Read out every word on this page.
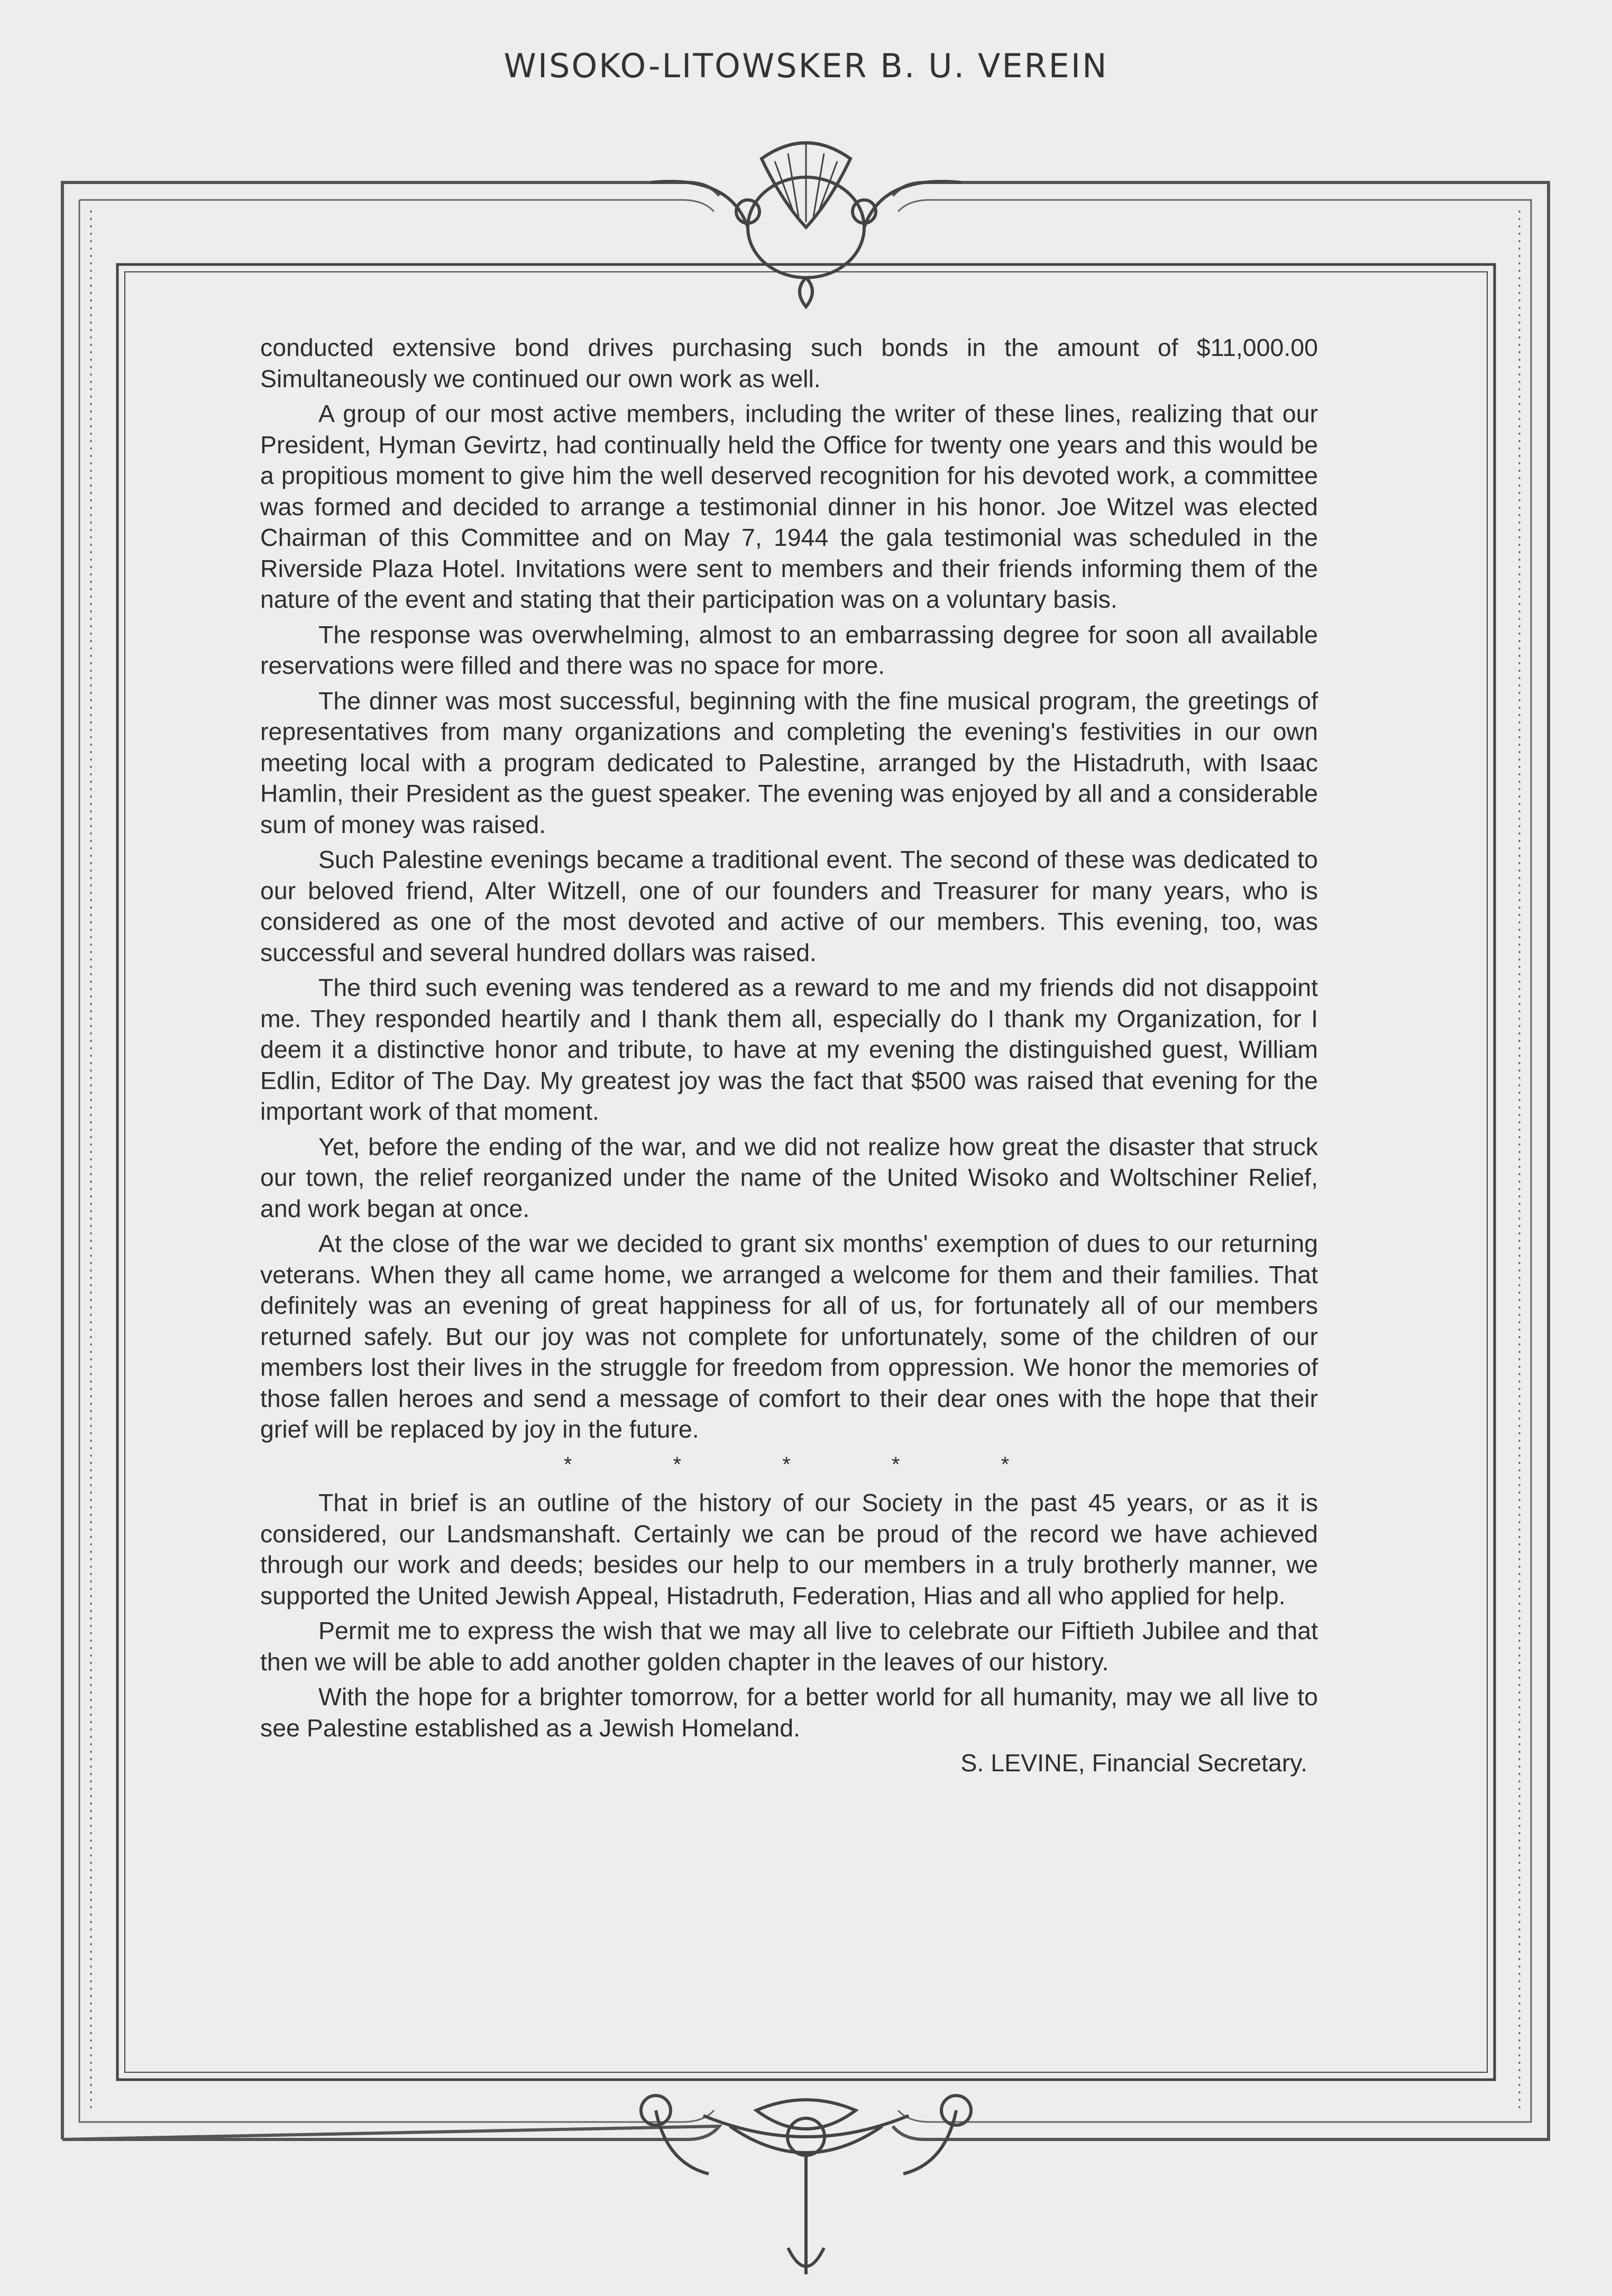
WISOKO-LITOWSKER B. U. VEREIN

conducted extensive bond drives purchasing such bonds in the amount of $11,000.00 Simultaneously we continued our own work as well.

A group of our most active members, including the writer of these lines, realizing that our President, Hyman Gevirtz, had continually held the Office for twenty one years and this would be a propitious moment to give him the well deserved recognition for his devoted work, a committee was formed and decided to arrange a testimonial dinner in his honor. Joe Witzel was elected Chairman of this Committee and on May 7, 1944 the gala testimonial was scheduled in the Riverside Plaza Hotel. Invitations were sent to members and their friends informing them of the nature of the event and stating that their participation was on a voluntary basis.

The response was overwhelming, almost to an embarrassing degree for soon all available reservations were filled and there was no space for more.

The dinner was most successful, beginning with the fine musical program, the greetings of representatives from many organizations and completing the evening's festivities in our own meeting local with a program dedicated to Palestine, arranged by the Histadruth, with Isaac Hamlin, their President as the guest speaker. The evening was enjoyed by all and a considerable sum of money was raised.

Such Palestine evenings became a traditional event. The second of these was dedicated to our beloved friend, Alter Witzell, one of our founders and Treasurer for many years, who is considered as one of the most devoted and active of our members. This evening, too, was successful and several hundred dollars was raised.

The third such evening was tendered as a reward to me and my friends did not disappoint me. They responded heartily and I thank them all, especially do I thank my Organization, for I deem it a distinctive honor and tribute, to have at my evening the distinguished guest, William Edlin, Editor of The Day. My greatest joy was the fact that $500 was raised that evening for the important work of that moment.

Yet, before the ending of the war, and we did not realize how great the disaster that struck our town, the relief reorganized under the name of the United Wisoko and Woltschiner Relief, and work began at once.

At the close of the war we decided to grant six months' exemption of dues to our returning veterans. When they all came home, we arranged a welcome for them and their families. That definitely was an evening of great happiness for all of us, for fortunately all of our members returned safely. But our joy was not complete for unfortunately, some of the children of our members lost their lives in the struggle for freedom from oppression. We honor the memories of those fallen heroes and send a message of comfort to their dear ones with the hope that their grief will be replaced by joy in the future.

* * * * *

That in brief is an outline of the history of our Society in the past 45 years, or as it is considered, our Landsmanshaft. Certainly we can be proud of the record we have achieved through our work and deeds; besides our help to our members in a truly brotherly manner, we supported the United Jewish Appeal, Histadruth, Federation, Hias and all who applied for help.

Permit me to express the wish that we may all live to celebrate our Fiftieth Jubilee and that then we will be able to add another golden chapter in the leaves of our history.

With the hope for a brighter tomorrow, for a better world for all humanity, may we all live to see Palestine established as a Jewish Homeland.

S. LEVINE, Financial Secretary.
